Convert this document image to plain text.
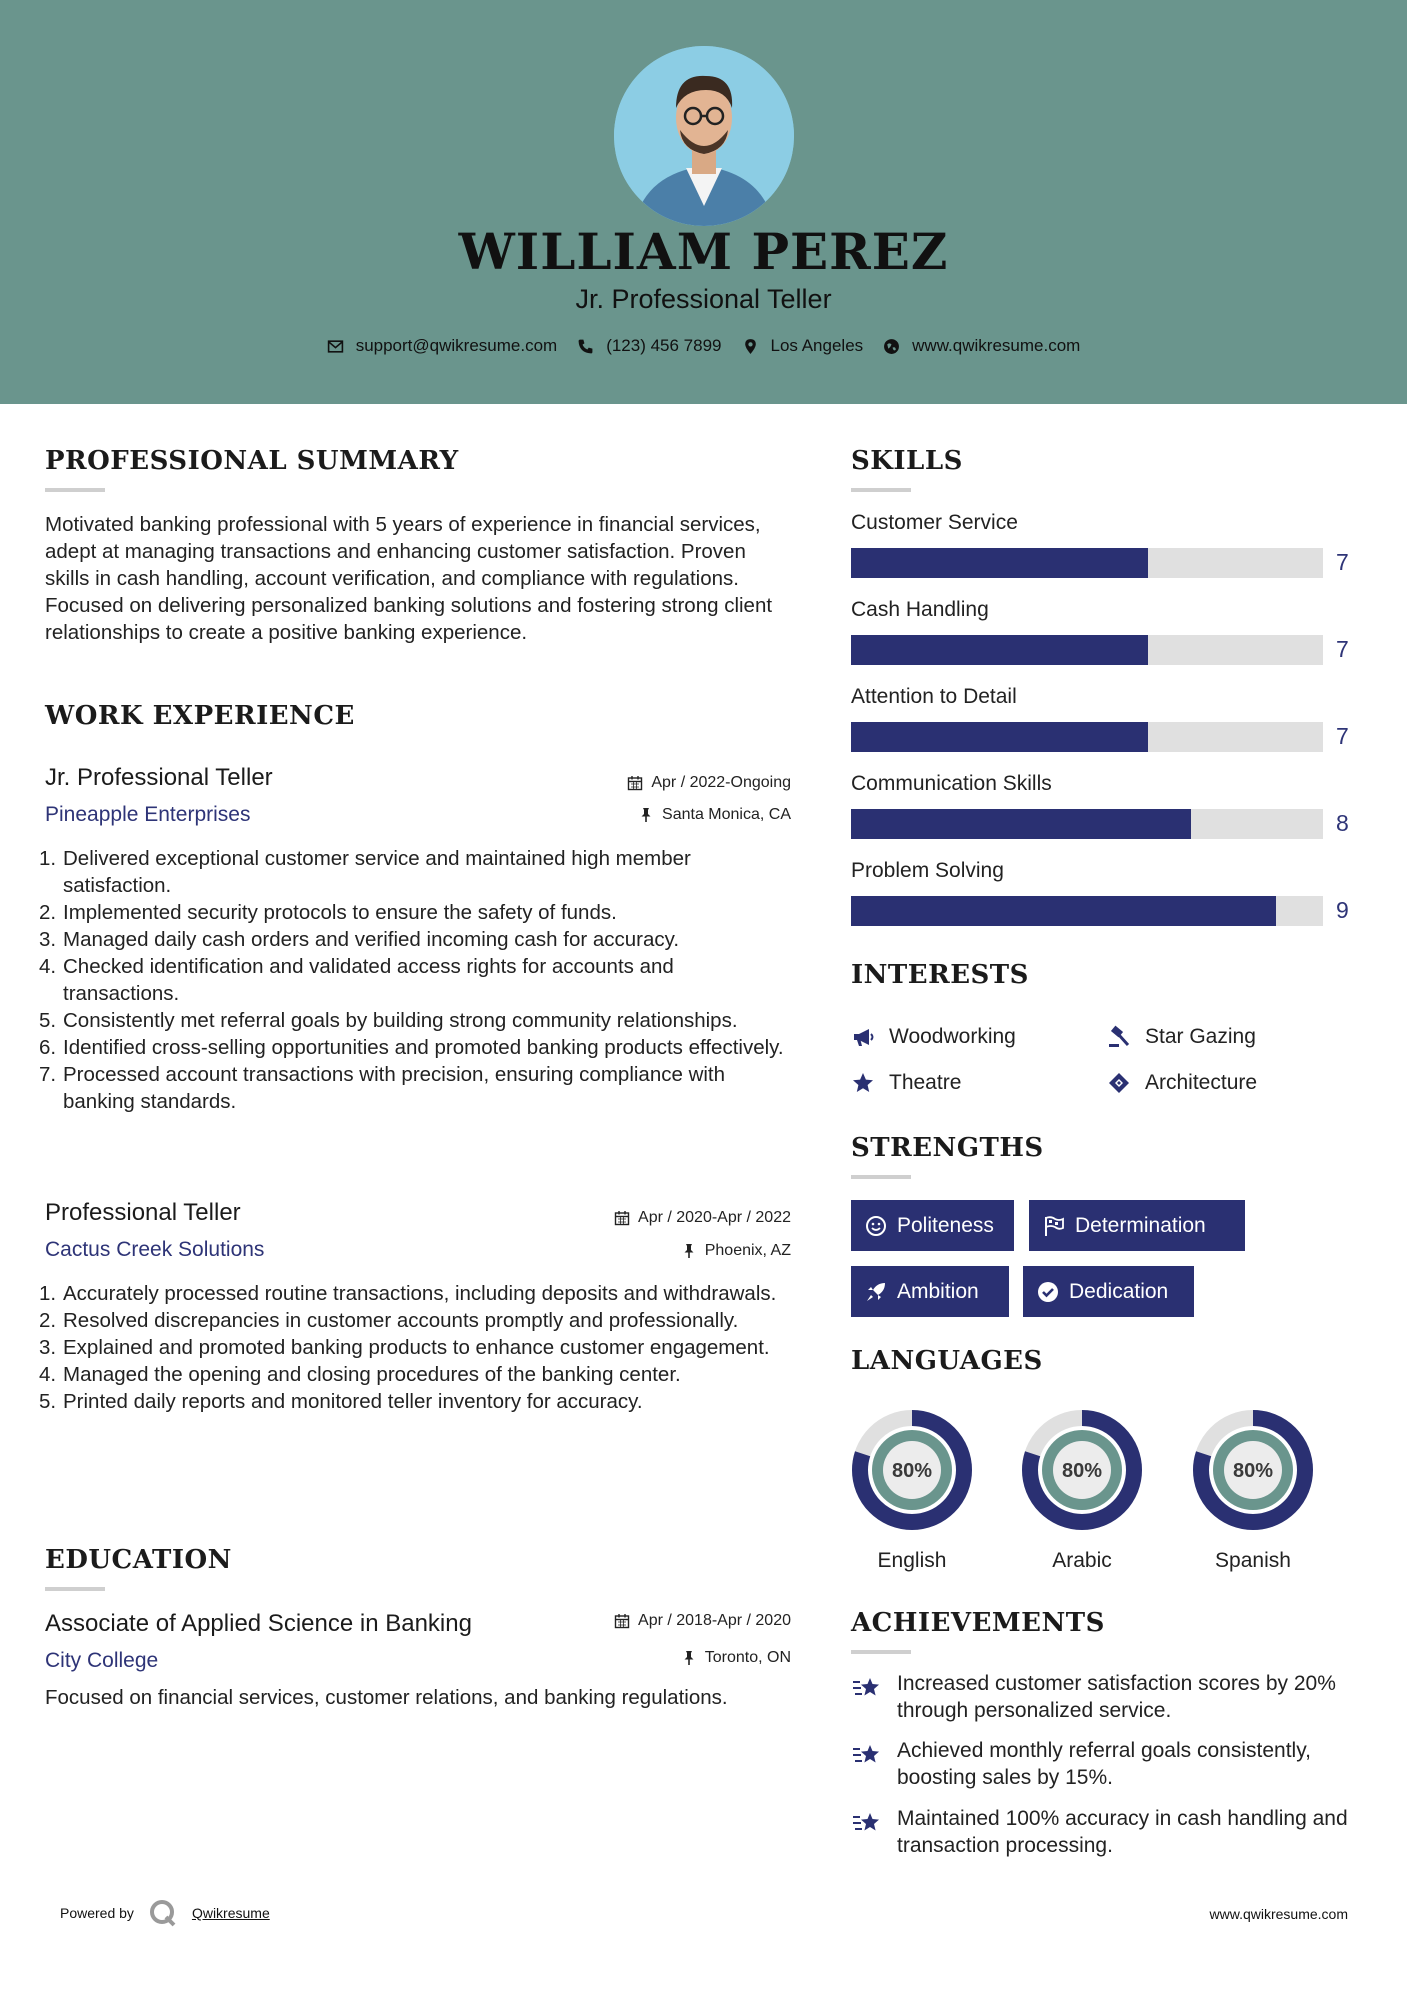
WILLIAM PEREZ
Jr. Professional Teller
support@qwikresume.com	(123) 456 7899	Los Angeles	www.qwikresume.com
PROFESSIONAL SUMMARY
Motivated banking professional with 5 years of experience in financial services, adept at managing transactions and enhancing customer satisfaction. Proven skills in cash handling, account verification, and compliance with regulations. Focused on delivering personalized banking solutions and fostering strong client relationships to create a positive banking experience.
WORK EXPERIENCE
Jr. Professional Teller	Apr / 2022-Ongoing
Pineapple Enterprises	Santa Monica, CA
1. Delivered exceptional customer service and maintained high member satisfaction.
2. Implemented security protocols to ensure the safety of funds.
3. Managed daily cash orders and verified incoming cash for accuracy.
4. Checked identification and validated access rights for accounts and transactions.
5. Consistently met referral goals by building strong community relationships.
6. Identified cross-selling opportunities and promoted banking products effectively.
7. Processed account transactions with precision, ensuring compliance with banking standards.
Professional Teller	Apr / 2020-Apr / 2022
Cactus Creek Solutions	Phoenix, AZ
1. Accurately processed routine transactions, including deposits and withdrawals.
2. Resolved discrepancies in customer accounts promptly and professionally.
3. Explained and promoted banking products to enhance customer engagement.
4. Managed the opening and closing procedures of the banking center.
5. Printed daily reports and monitored teller inventory for accuracy.
EDUCATION
Associate of Applied Science in Banking	Apr / 2018-Apr / 2020
City College	Toronto, ON
Focused on financial services, customer relations, and banking regulations.
SKILLS
Customer Service
7
Cash Handling
7
Attention to Detail
7
Communication Skills
8
Problem Solving
9
INTERESTS
Woodworking	Star Gazing
Theatre	Architecture
STRENGTHS
Politeness	Determination
Ambition	Dedication
LANGUAGES
80%
English
80%
Arabic
80%
Spanish
ACHIEVEMENTS
Increased customer satisfaction scores by 20% through personalized service.
Achieved monthly referral goals consistently, boosting sales by 15%.
Maintained 100% accuracy in cash handling and transaction processing.
Powered by	Qwikresume	www.qwikresume.com
